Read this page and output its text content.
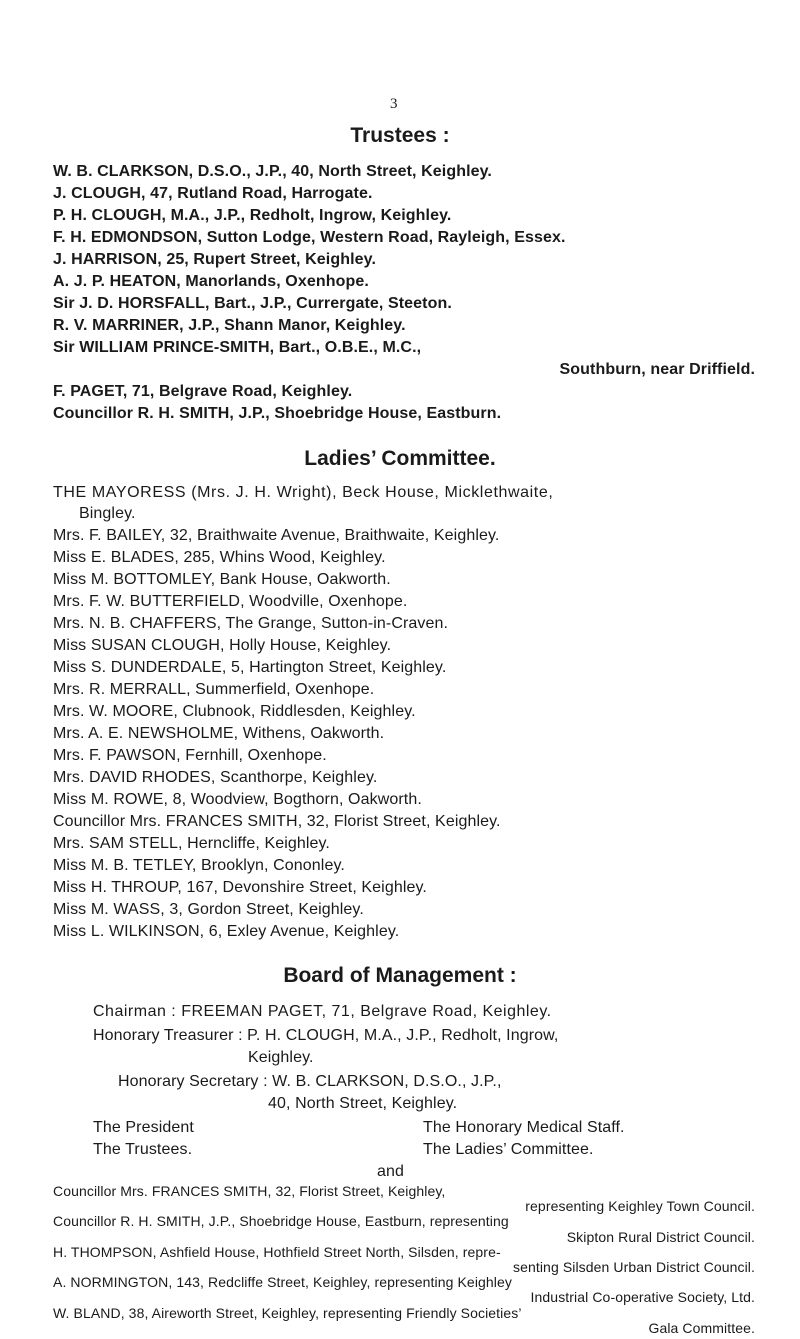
3
Trustees :
W. B. CLARKSON, D.S.O., J.P., 40, North Street, Keighley.
J. CLOUGH, 47, Rutland Road, Harrogate.
P. H. CLOUGH, M.A., J.P., Redholt, Ingrow, Keighley.
F. H. EDMONDSON, Sutton Lodge, Western Road, Rayleigh, Essex.
J. HARRISON, 25, Rupert Street, Keighley.
A. J. P. HEATON, Manorlands, Oxenhope.
Sir J. D. HORSFALL, Bart., J.P., Currergate, Steeton.
R. V. MARRINER, J.P., Shann Manor, Keighley.
Sir WILLIAM PRINCE-SMITH, Bart., O.B.E., M.C.,
Southburn, near Driffield.
F. PAGET, 71, Belgrave Road, Keighley.
Councillor R. H. SMITH, J.P., Shoebridge House, Eastburn.
Ladies’ Committee.
THE MAYORESS (Mrs. J. H. Wright), Beck House, Micklethwaite,
Bingley.
Mrs. F. BAILEY, 32, Braithwaite Avenue, Braithwaite, Keighley.
Miss E. BLADES, 285, Whins Wood, Keighley.
Miss M. BOTTOMLEY, Bank House, Oakworth.
Mrs. F. W. BUTTERFIELD, Woodville, Oxenhope.
Mrs. N. B. CHAFFERS, The Grange, Sutton-in-Craven.
Miss SUSAN CLOUGH, Holly House, Keighley.
Miss S. DUNDERDALE, 5, Hartington Street, Keighley.
Mrs. R. MERRALL, Summerfield, Oxenhope.
Mrs. W. MOORE, Clubnook, Riddlesden, Keighley.
Mrs. A. E. NEWSHOLME, Withens, Oakworth.
Mrs. F. PAWSON, Fernhill, Oxenhope.
Mrs. DAVID RHODES, Scanthorpe, Keighley.
Miss M. ROWE, 8, Woodview, Bogthorn, Oakworth.
Councillor Mrs. FRANCES SMITH, 32, Florist Street, Keighley.
Mrs. SAM STELL, Herncliffe, Keighley.
Miss M. B. TETLEY, Brooklyn, Cononley.
Miss H. THROUP, 167, Devonshire Street, Keighley.
Miss M. WASS, 3, Gordon Street, Keighley.
Miss L. WILKINSON, 6, Exley Avenue, Keighley.
Board of Management :
Chairman : FREEMAN PAGET, 71, Belgrave Road, Keighley.
Honorary Treasurer : P. H. CLOUGH, M.A., J.P., Redholt, Ingrow,
Keighley.
Honorary Secretary : W. B. CLARKSON, D.S.O., J.P.,
40, North Street, Keighley.
The President
The Trustees.
The Honorary Medical Staff.
The Ladies’ Committee.
and
Councillor Mrs. FRANCES SMITH, 32, Florist Street, Keighley,
representing Keighley Town Council.
Councillor R. H. SMITH, J.P., Shoebridge House, Eastburn, representing
Skipton Rural District Council.
H. THOMPSON, Ashfield House, Hothfield Street North, Silsden, repre-
senting Silsden Urban District Council.
A. NORMINGTON, 143, Redcliffe Street, Keighley, representing Keighley
Industrial Co-operative Society, Ltd.
W. BLAND, 38, Aireworth Street, Keighley, representing Friendly Societies’
Gala Committee.
